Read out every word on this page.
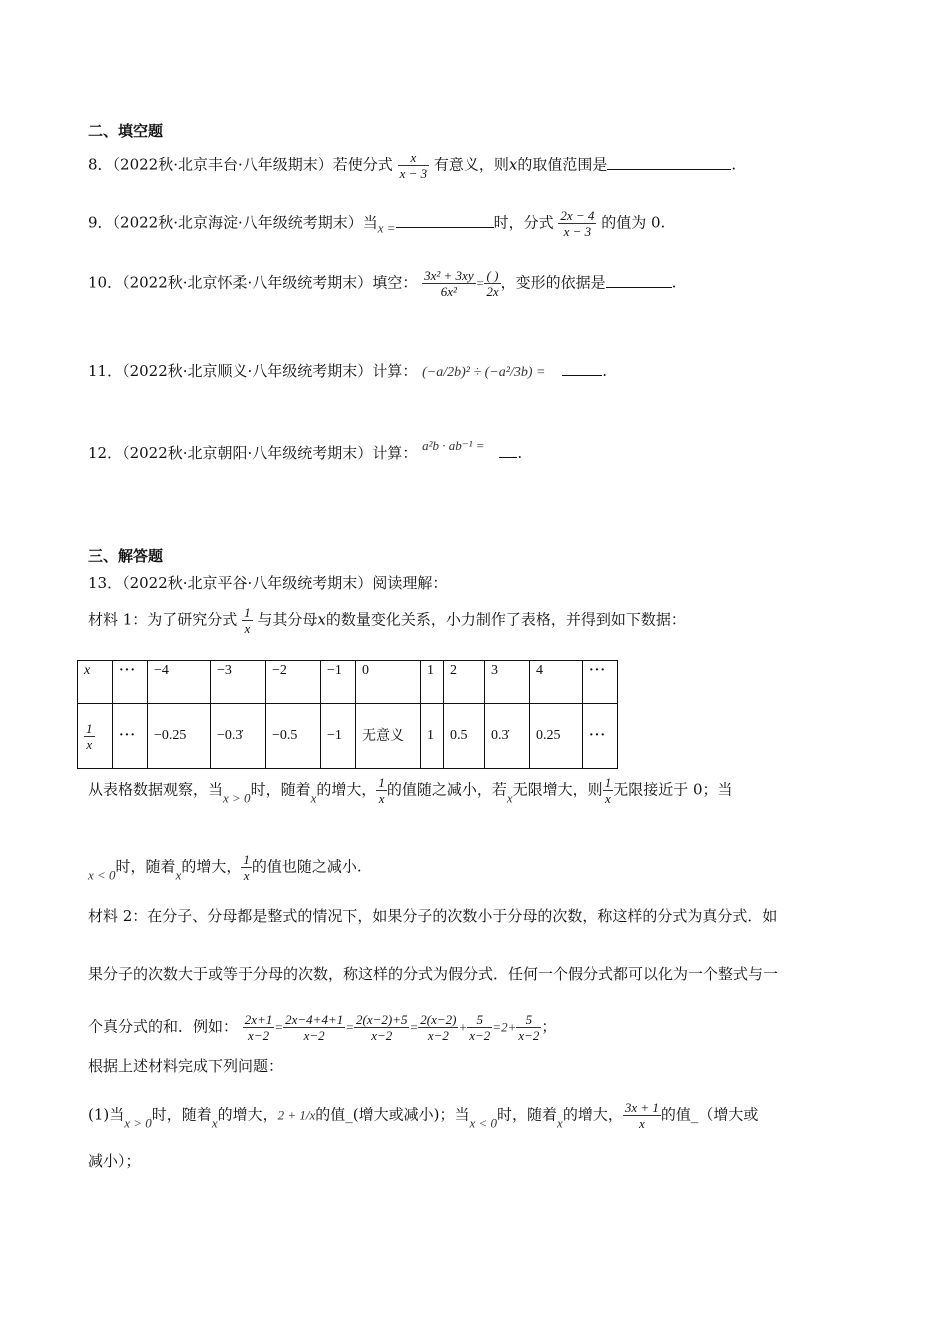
二、填空题
8．（2022秋·北京丰台·八年级期末）若使分式 $\frac{x}{x - 3}$ 有意义，则x的取值范围是	.
9．（2022秋·北京海淀·八年级统考期末）当x =	时，分式 $\frac{2x - 4}{x - 3}$ 的值为 0.
10．（2022秋·北京怀柔·八年级统考期末）填空： $\frac{\text{3x² + 3xy}}{\text{6x²}} = \frac{( )}{2x}$ ，变形的依据是	.
11．（2022秋·北京顺义·八年级统考期末）计算： (−a/2b)² ÷ (−a²/3b) =	.
12．（2022秋·北京朝阳·八年级统考期末）计算： a²b · ab⁻¹ = .
三、解答题
13．（2022秋·北京平谷·八年级统考期末）阅读理解：
材料 1：为了研究分式 $\frac{1}{x}$ 与其分母x的数量变化关系，小力制作了表格，并得到如下数据：
x	···	−4	−3	−2	−1	0	1	2	3	4	···

$\frac{1}{x}$	···	−0.25	−0.3̇	−0.5	−1	无意义	1	0.5	0.3̇	0.25	···
从表格数据观察，当x > 0时，随着x的增大， $\frac{1}{x}$ 的值随之减小，若x无限增大，则 $\frac{1}{x}$ 无限接近于 0；当
x < 0时，随着x的增大， $\frac{1}{x}$ 的值也随之减小.
材料 2：在分子、分母都是整式的情况下，如果分子的次数小于分母的次数，称这样的分式为真分式．如
果分子的次数大于或等于分母的次数，称这样的分式为假分式．任何一个假分式都可以化为一个整式与一
个真分式的和．例如： $\frac{2x+1}{x-2} = \frac{2x-4+4+1}{x-2} = \frac{2(x-2)+5}{x-2} = \frac{2(x-2)}{x-2} + \frac{5}{x-2} =2+ \frac{5}{x-2}$ ；
根据上述材料完成下列问题：
(1)当x > 0时，随着x的增大，2 + 1/x的值_(增大或减小)；当x < 0时，随着x的增大， $\frac{3x + 1}{x}$ 的值_（增大或
减小）；
